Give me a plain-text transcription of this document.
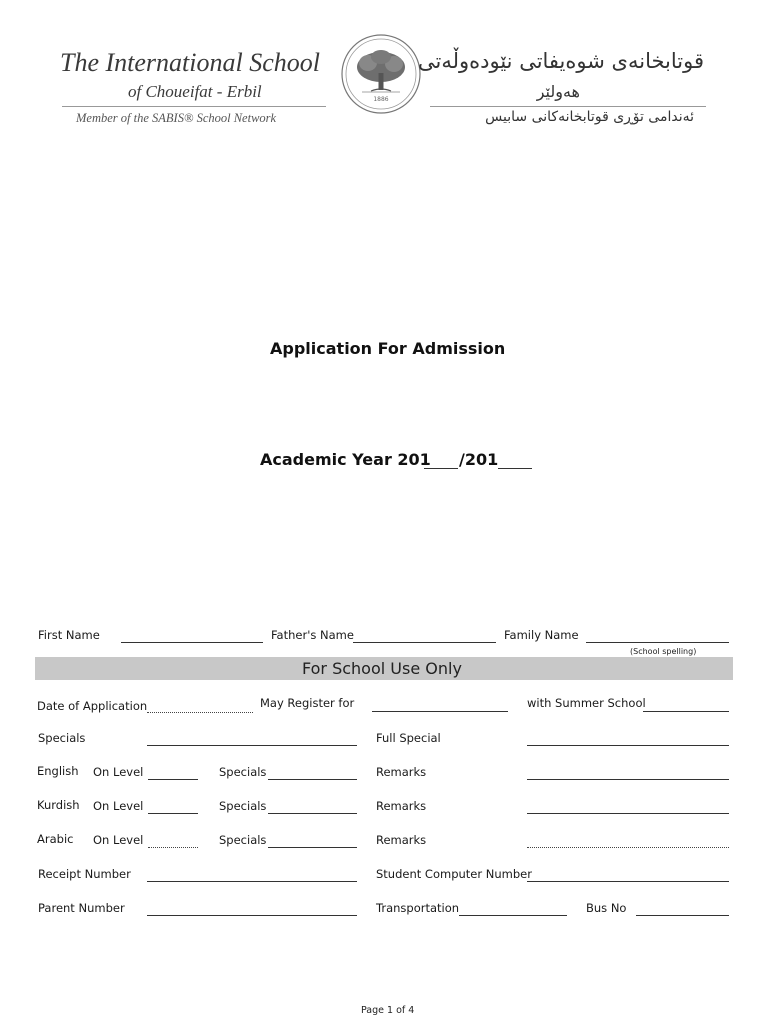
The International School
of Choueifat - Erbil
Member of the SABIS® School Network
1886
قوتابخانەی شوەیفاتی نێودەوڵەتی
هەولێر
ئەندامی تۆڕی قوتابخانەکانی سابیس
Application For Admission
Academic Year 201 /201
First Name	Father's Name	Family Name
(School spelling)
For School Use Only
Date of Application	May Register for	with Summer School
Specials	Full Special
English On Level	Specials	Remarks
Kurdish On Level	Specials	Remarks
Arabic On Level	Specials	Remarks
Receipt Number	Student Computer Number
Parent Number	Transportation	Bus No
Page 1 of 4
